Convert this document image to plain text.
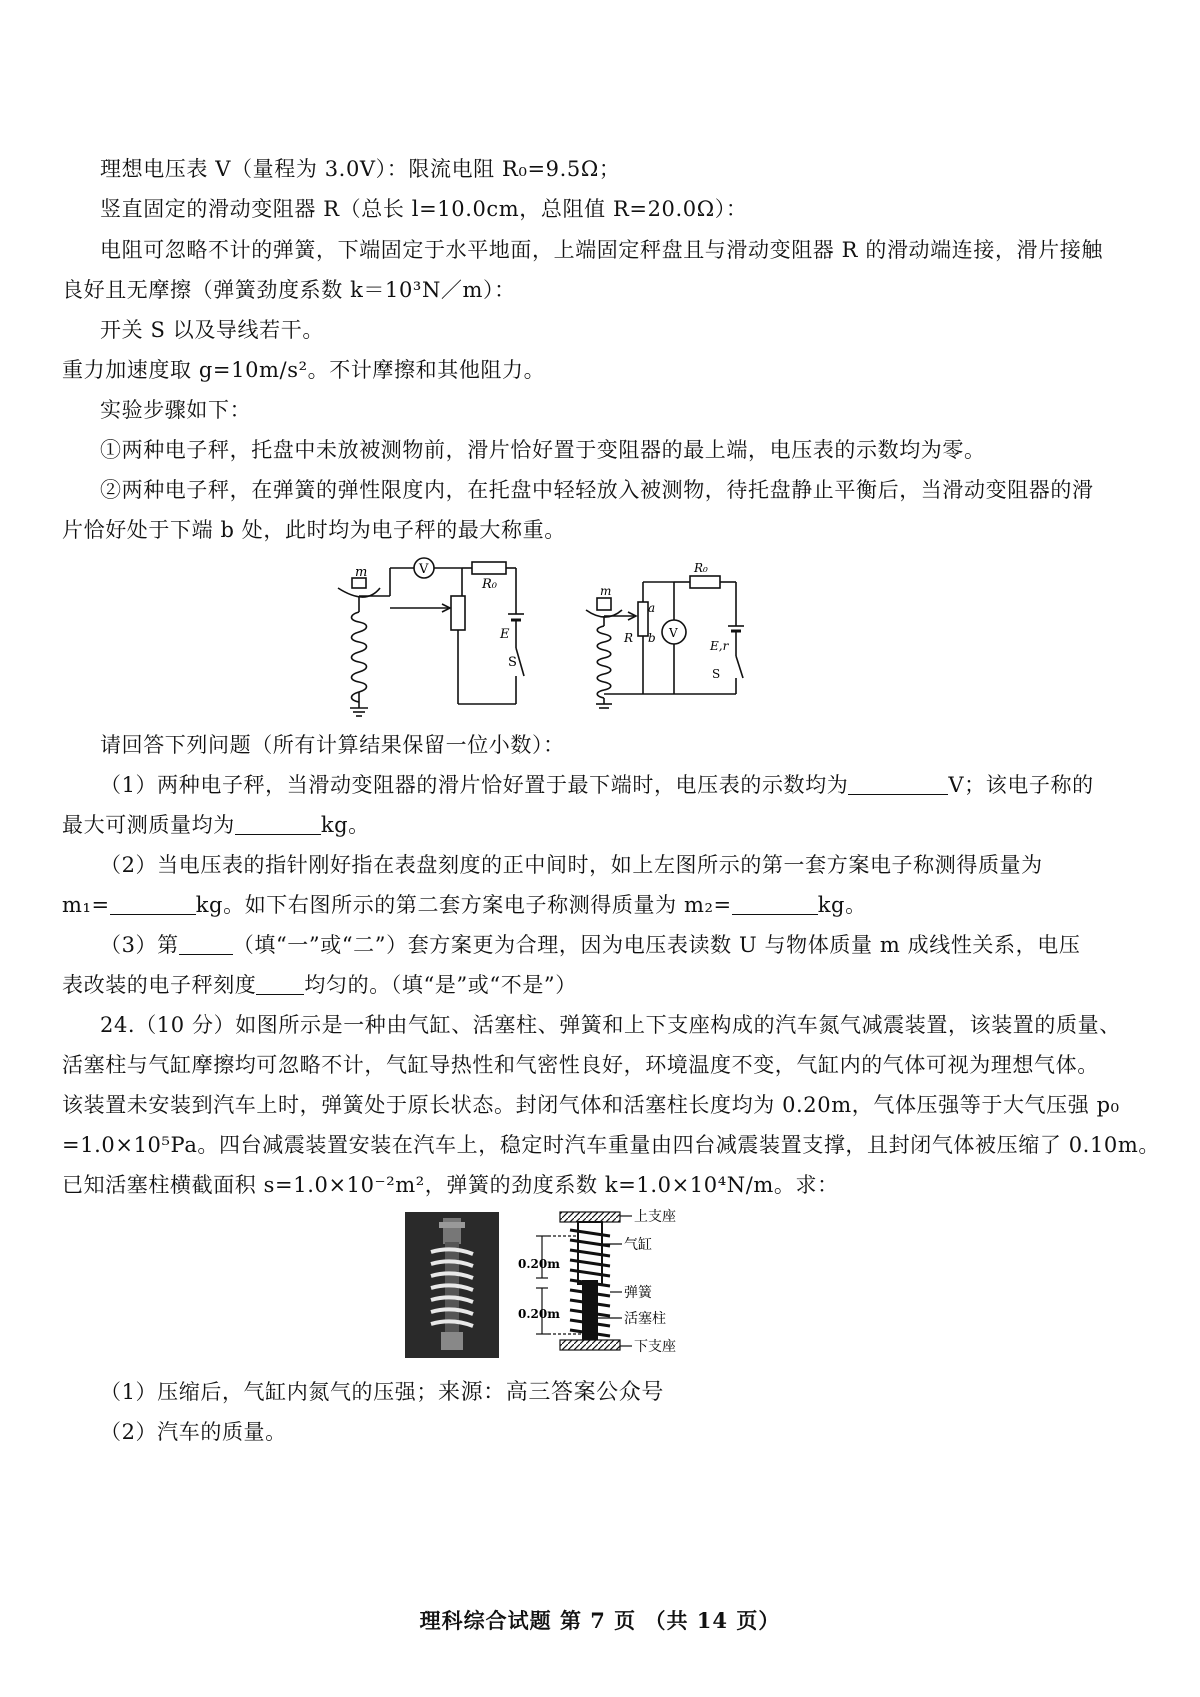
理想电压表 V（量程为 3.0V）：限流电阻 R₀=9.5Ω；
竖直固定的滑动变阻器 R（总长 l=10.0cm，总阻值 R=20.0Ω）：
电阻可忽略不计的弹簧，下端固定于水平地面，上端固定秤盘且与滑动变阻器 R 的滑动端连接，滑片接触
良好且无摩擦（弹簧劲度系数 k＝10³N／m）：
开关 S 以及导线若干。
重力加速度取 g=10m/s²。不计摩擦和其他阻力。
实验步骤如下：
①两种电子秤，托盘中未放被测物前，滑片恰好置于变阻器的最上端，电压表的示数均为零。
②两种电子秤，在弹簧的弹性限度内，在托盘中轻轻放入被测物，待托盘静止平衡后，当滑动变阻器的滑
片恰好处于下端 b 处，此时均为电子秤的最大称重。
m	V
R₀
E
S
m
a
b
R	V
R₀
E,r
S
请回答下列问题（所有计算结果保留一位小数）：
（1）两种电子秤，当滑动变阻器的滑片恰好置于最下端时，电压表的示数均为	V；该电子称的
最大可测质量均为	kg。
（2）当电压表的指针刚好指在表盘刻度的正中间时，如上左图所示的第一套方案电子称测得质量为
m₁=	kg。如下右图所示的第二套方案电子称测得质量为 m₂=	kg。
（3）第	（填“一”或“二”）套方案更为合理，因为电压表读数 U 与物体质量 m 成线性关系，电压
表改装的电子秤刻度 均匀的。（填“是”或“不是”）
24.（10 分）如图所示是一种由气缸、活塞柱、弹簧和上下支座构成的汽车氮气减震装置，该装置的质量、
活塞柱与气缸摩擦均可忽略不计，气缸导热性和气密性良好，环境温度不变，气缸内的气体可视为理想气体。
该装置未安装到汽车上时，弹簧处于原长状态。封闭气体和活塞柱长度均为 0.20m，气体压强等于大气压强 p₀
=1.0×10⁵Pa。四台减震装置安装在汽车上，稳定时汽车重量由四台减震装置支撑，且封闭气体被压缩了 0.10m。
已知活塞柱横截面积 s=1.0×10⁻²m²，弹簧的劲度系数 k=1.0×10⁴N/m。求：
上支座
气缸
弹簧
活塞柱
下支座
0.20m
0.20m
（1）压缩后，气缸内氮气的压强；来源：高三答案公众号
（2）汽车的质量。
理科综合试题 第 7 页 （共 14 页）
